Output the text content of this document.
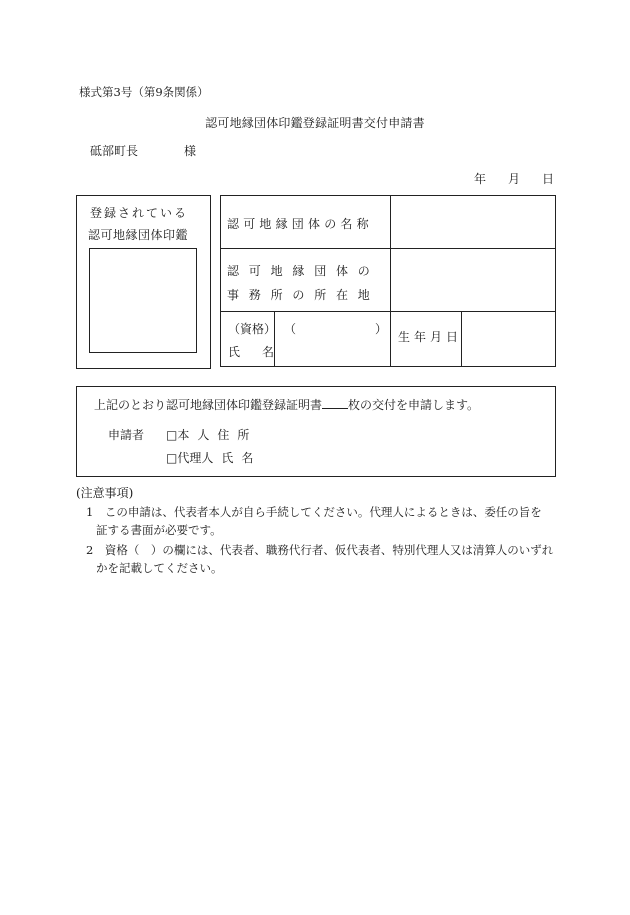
様式第3号（第9条関係）
認可地縁団体印鑑登録証明書交付申請書
砥部町長	様
年 月 日
登録されている
認可地縁団体印鑑
認可地縁団体の名称
認可地縁団体の
事務所の所在地
（資格）
氏 名
（	）
生年月日
上記のとおり認可地縁団体印鑑登録証明書 枚の交付を申請します。
申請者 □本 人 住 所
□代理人 氏 名
(注意事項)
1　この申請は、代表者本人が自ら手続してください。代理人によるときは、委任の旨を
証する書面が必要です。
2　資格（　）の欄には、代表者、職務代行者、仮代表者、特別代理人又は清算人のいずれ
かを記載してください。
